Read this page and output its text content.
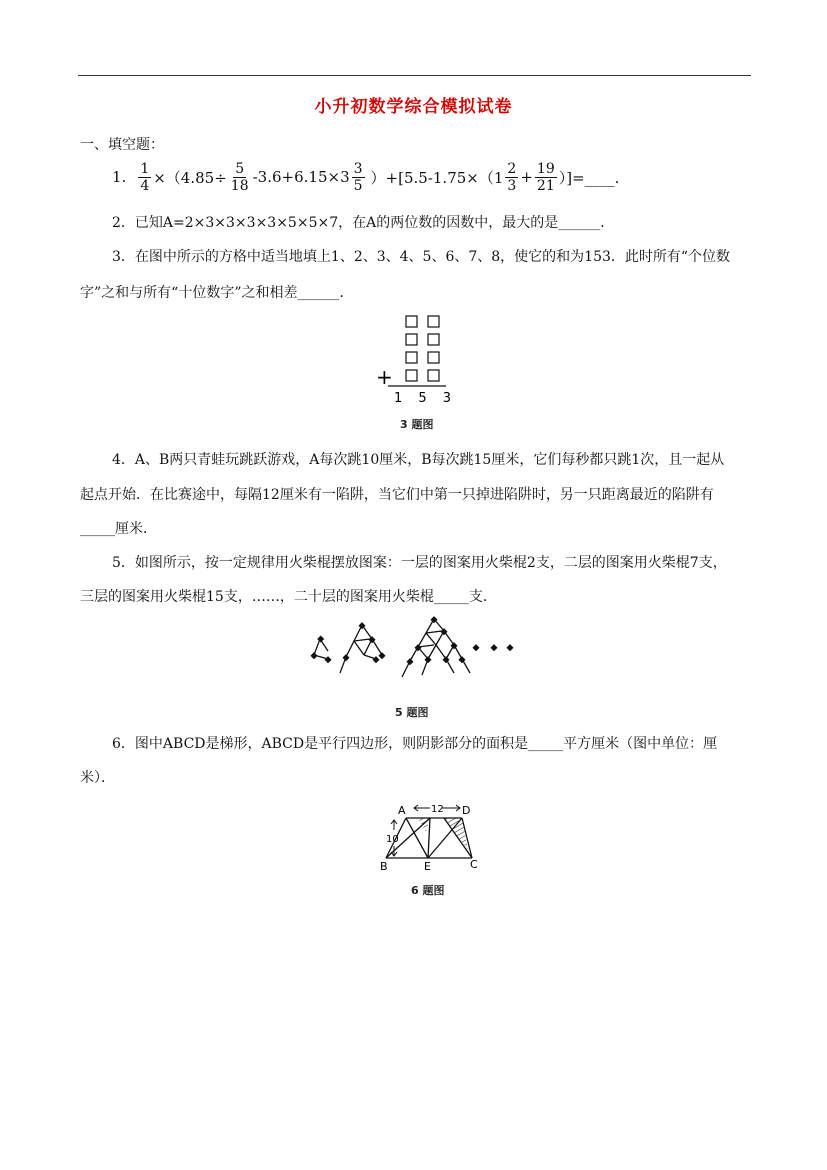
小升初数学综合模拟试卷
一、填空题：
1. $\frac{1}{4} \times(4.85\div \frac{5}{18} -3.6+6.15\times 3 \frac{3}{5} )+[5.5-1.75\times(1 \frac{2}{3} + \frac{19}{21}$ ）]=____.
2．已知A=2×3×3×3×3×5×5×7，在A的两位数的因数中，最大的是______．
3．在图中所示的方格中适当地填上1、2、3、4、5、6、7、8，使它的和为153．此时所有“个位数
字”之和与所有“十位数字”之和相差______．
+
1 5 3
3 题图
4．A、B两只青蛙玩跳跃游戏，A每次跳10厘米，B每次跳15厘米，它们每秒都只跳1次，且一起从
起点开始．在比赛途中，每隔12厘米有一陷阱，当它们中第一只掉进陷阱时，另一只距离最近的陷阱有
_____厘米．
5．如图所示，按一定规律用火柴棍摆放图案：一层的图案用火柴棍2支，二层的图案用火柴棍7支，
三层的图案用火柴棍15支，……，二十层的图案用火柴棍_____支．
5 题图
6．图中ABCD是梯形，ABCD是平行四边形，则阴影部分的面积是_____平方厘米（图中单位：厘
米）．
A	D
B	C
E
12
10
6 题图
